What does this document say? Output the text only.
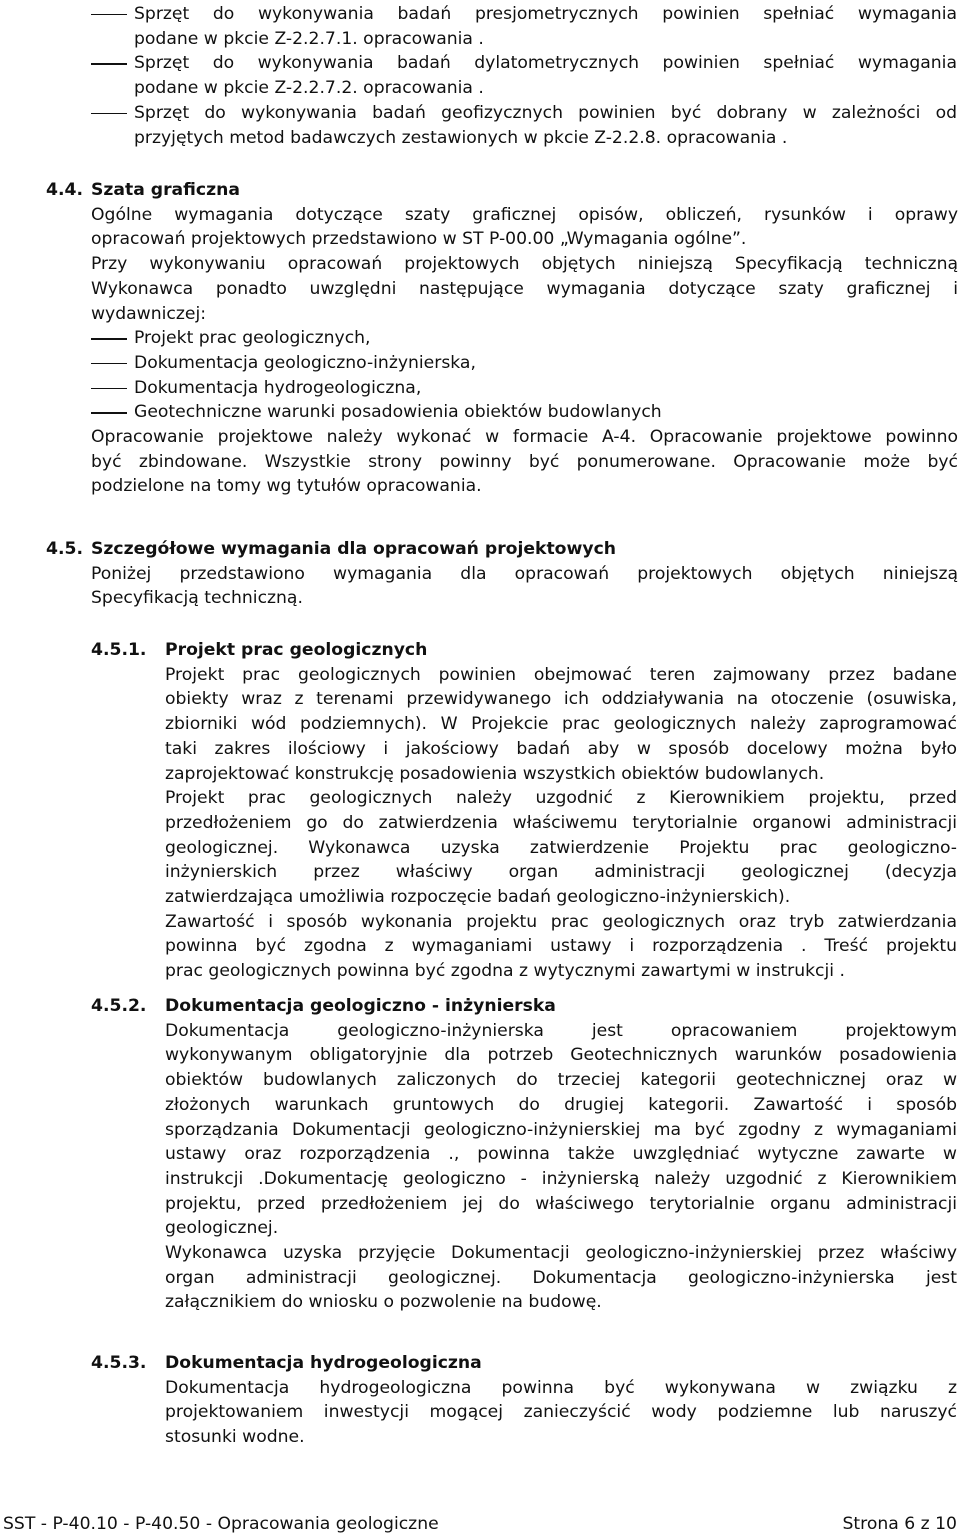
Sprzęt do wykonywania badań presjometrycznych powinien spełniać wymagania
podane w pkcie Z-2.2.7.1. opracowania .
Sprzęt do wykonywania badań dylatometrycznych powinien spełniać wymagania
podane w pkcie Z-2.2.7.2. opracowania .
Sprzęt do wykonywania badań geofizycznych powinien być dobrany w zależności od
przyjętych metod badawczych zestawionych w pkcie Z-2.2.8. opracowania .
4.4. Szata graficzna
Ogólne wymagania dotyczące szaty graficznej opisów, obliczeń, rysunków i oprawy
opracowań projektowych przedstawiono w ST P-00.00 „Wymagania ogólne”.
Przy wykonywaniu opracowań projektowych objętych niniejszą Specyfikacją techniczną
Wykonawca ponadto uwzględni następujące wymagania dotyczące szaty graficznej i
wydawniczej:
Projekt prac geologicznych,
Dokumentacja geologiczno-inżynierska,
Dokumentacja hydrogeologiczna,
Geotechniczne warunki posadowienia obiektów budowlanych
Opracowanie projektowe należy wykonać w formacie A-4. Opracowanie projektowe powinno
być zbindowane. Wszystkie strony powinny być ponumerowane. Opracowanie może być
podzielone na tomy wg tytułów opracowania.
4.5. Szczegółowe wymagania dla opracowań projektowych
Poniżej przedstawiono wymagania dla opracowań projektowych objętych niniejszą
Specyfikacją techniczną.
4.5.1. Projekt prac geologicznych
Projekt prac geologicznych powinien obejmować teren zajmowany przez badane
obiekty wraz z terenami przewidywanego ich oddziaływania na otoczenie (osuwiska,
zbiorniki wód podziemnych). W Projekcie prac geologicznych należy zaprogramować
taki zakres ilościowy i jakościowy badań aby w sposób docelowy można było
zaprojektować konstrukcję posadowienia wszystkich obiektów budowlanych.
Projekt prac geologicznych należy uzgodnić z Kierownikiem projektu, przed
przedłożeniem go do zatwierdzenia właściwemu terytorialnie organowi administracji
geologicznej. Wykonawca uzyska zatwierdzenie Projektu prac geologiczno-
inżynierskich przez właściwy organ administracji geologicznej (decyzja
zatwierdzająca umożliwia rozpoczęcie badań geologiczno-inżynierskich).
Zawartość i sposób wykonania projektu prac geologicznych oraz tryb zatwierdzania
powinna być zgodna z wymaganiami ustawy i rozporządzenia . Treść projektu
prac geologicznych powinna być zgodna z wytycznymi zawartymi w instrukcji .
4.5.2. Dokumentacja geologiczno - inżynierska
Dokumentacja geologiczno-inżynierska jest opracowaniem projektowym
wykonywanym obligatoryjnie dla potrzeb Geotechnicznych warunków posadowienia
obiektów budowlanych zaliczonych do trzeciej kategorii geotechnicznej oraz w
złożonych warunkach gruntowych do drugiej kategorii. Zawartość i sposób
sporządzania Dokumentacji geologiczno-inżynierskiej ma być zgodny z wymaganiami
ustawy oraz rozporządzenia ., powinna także uwzględniać wytyczne zawarte w
instrukcji .Dokumentację geologiczno - inżynierską należy uzgodnić z Kierownikiem
projektu, przed przedłożeniem jej do właściwego terytorialnie organu administracji
geologicznej.
Wykonawca uzyska przyjęcie Dokumentacji geologiczno-inżynierskiej przez właściwy
organ administracji geologicznej. Dokumentacja geologiczno-inżynierska jest
załącznikiem do wniosku o pozwolenie na budowę.
4.5.3. Dokumentacja hydrogeologiczna
Dokumentacja hydrogeologiczna powinna być wykonywana w związku z
projektowaniem inwestycji mogącej zanieczyścić wody podziemne lub naruszyć
stosunki wodne.
SST - P-40.10 - P-40.50 - Opracowania geologiczne	Strona 6 z 10
